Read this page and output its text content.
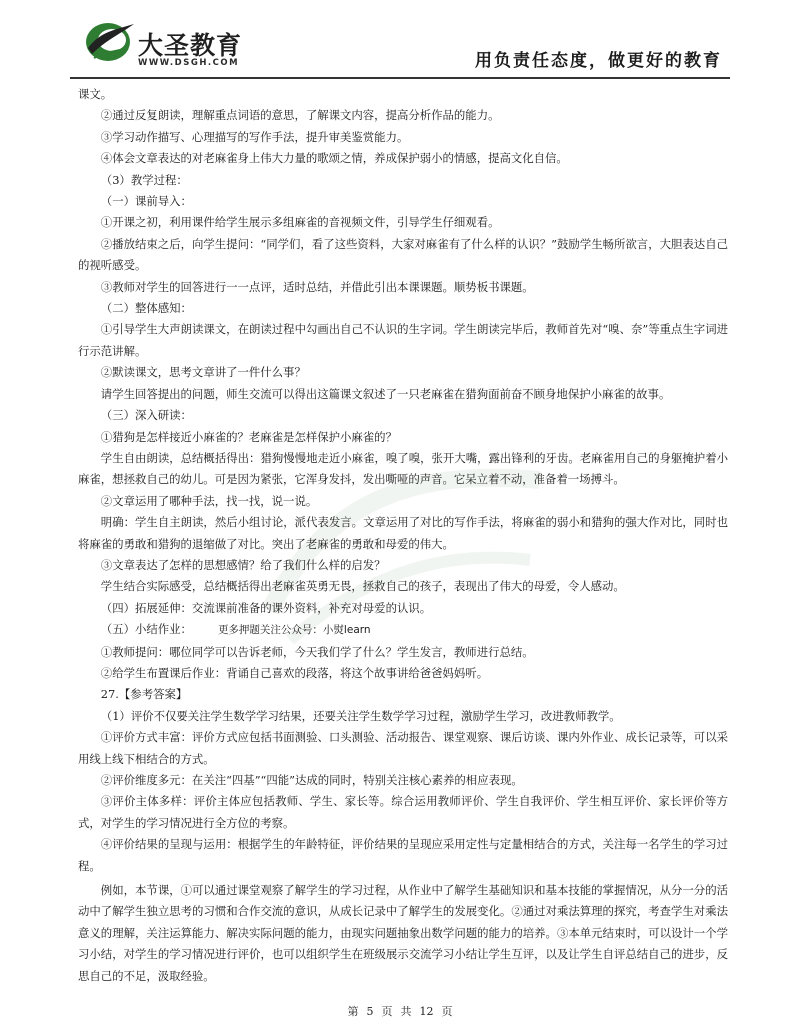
大圣教育
WWW.DSGH.COM	用负责任态度，做更好的教育

课文。

②通过反复朗读，理解重点词语的意思，了解课文内容，提高分析作品的能力。

③学习动作描写、心理描写的写作手法，提升审美鉴赏能力。

④体会文章表达的对老麻雀身上伟大力量的歌颂之情，养成保护弱小的情感，提高文化自信。

（3）教学过程：

（一）课前导入：

①开课之初，利用课件给学生展示多组麻雀的音视频文件，引导学生仔细观看。

②播放结束之后，向学生提问：“同学们，看了这些资料，大家对麻雀有了什么样的认识？”鼓励学生畅所欲言，大胆表达自己的视听感受。

③教师对学生的回答进行一一点评，适时总结，并借此引出本课课题。顺势板书课题。

（二）整体感知：

①引导学生大声朗读课文，在朗读过程中勾画出自己不认识的生字词。学生朗读完毕后，教师首先对“嗅、奈”等重点生字词进行示范讲解。

②默读课文，思考文章讲了一件什么事？

请学生回答提出的问题，师生交流可以得出这篇课文叙述了一只老麻雀在猎狗面前奋不顾身地保护小麻雀的故事。

（三）深入研读：

①猎狗是怎样接近小麻雀的？老麻雀是怎样保护小麻雀的？

学生自由朗读，总结概括得出：猎狗慢慢地走近小麻雀，嗅了嗅，张开大嘴，露出锋利的牙齿。老麻雀用自己的身躯掩护着小麻雀，想拯救自己的幼儿。可是因为紧张，它浑身发抖，发出嘶哑的声音。它呆立着不动，准备着一场搏斗。

②文章运用了哪种手法，找一找，说一说。

明确：学生自主朗读，然后小组讨论，派代表发言。文章运用了对比的写作手法，将麻雀的弱小和猎狗的强大作对比，同时也将麻雀的勇敢和猎狗的退缩做了对比。突出了老麻雀的勇敢和母爱的伟大。

③文章表达了怎样的思想感情？给了我们什么样的启发？

学生结合实际感受，总结概括得出老麻雀英勇无畏，拯救自己的孩子，表现出了伟大的母爱，令人感动。

（四）拓展延伸：交流课前准备的课外资料，补充对母爱的认识。

（五）小结作业： 更多押题关注公众号：小熨learn

①教师提问：哪位同学可以告诉老师，今天我们学了什么？学生发言，教师进行总结。

②给学生布置课后作业：背诵自己喜欢的段落，将这个故事讲给爸爸妈妈听。

27.【参考答案】

（1）评价不仅要关注学生数学学习结果，还要关注学生数学学习过程，激励学生学习，改进教师教学。

①评价方式丰富：评价方式应包括书面测验、口头测验、活动报告、课堂观察、课后访谈、课内外作业、成长记录等，可以采用线上线下相结合的方式。

②评价维度多元：在关注“四基”“四能”达成的同时，特别关注核心素养的相应表现。

③评价主体多样：评价主体应包括教师、学生、家长等。综合运用教师评价、学生自我评价、学生相互评价、家长评价等方式，对学生的学习情况进行全方位的考察。

④评价结果的呈现与运用：根据学生的年龄特征，评价结果的呈现应采用定性与定量相结合的方式，关注每一名学生的学习过程。

例如，本节课，①可以通过课堂观察了解学生的学习过程，从作业中了解学生基础知识和基本技能的掌握情况，从分一分的活动中了解学生独立思考的习惯和合作交流的意识，从成长记录中了解学生的发展变化。②通过对乘法算理的探究，考查学生对乘法意义的理解，关注运算能力、解决实际问题的能力，由现实问题抽象出数学问题的能力的培养。③本单元结束时，可以设计一个学习小结，对学生的学习情况进行评价，也可以组织学生在班级展示交流学习小结让学生互评，以及让学生自评总结自己的进步，反思自己的不足，汲取经验。

第 5 页 共 12 页
